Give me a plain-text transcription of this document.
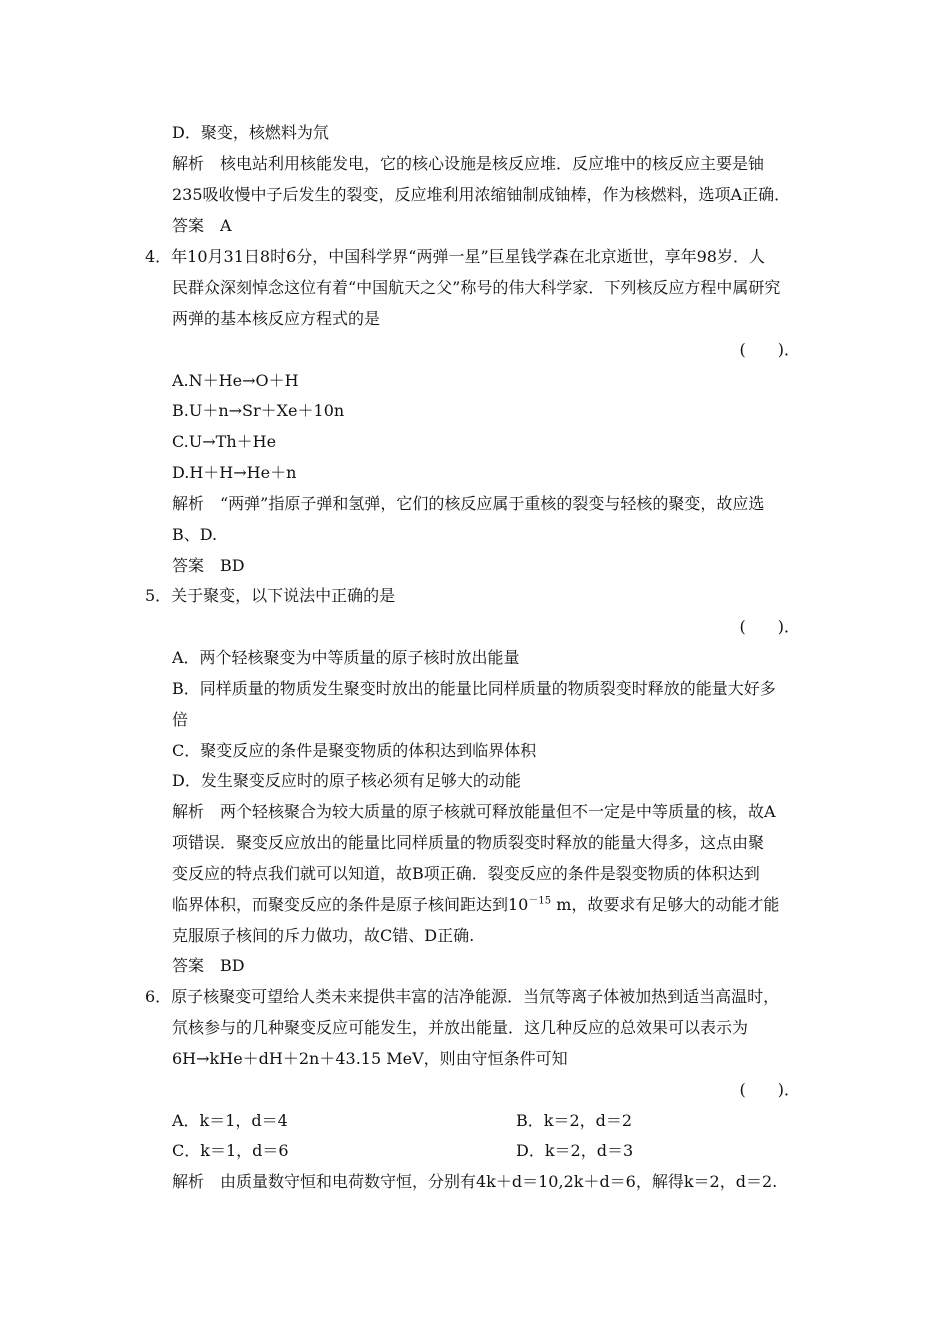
D．聚变，核燃料为氘
解析　核电站利用核能发电，它的核心设施是核反应堆．反应堆中的核反应主要是铀
235吸收慢中子后发生的裂变，反应堆利用浓缩铀制成铀棒，作为核燃料，选项A正确．
答案　A
4．年10月31日8时6分，中国科学界“两弹一星”巨星钱学森在北京逝世，享年98岁．人
民群众深刻悼念这位有着“中国航天之父”称号的伟大科学家．下列核反应方程中属研究
两弹的基本核反应方程式的是
(　　)．
A.N＋He→O＋H
B.U＋n→Sr＋Xe＋10n
C.U→Th＋He
D.H＋H→He＋n
解析　“两弹”指原子弹和氢弹，它们的核反应属于重核的裂变与轻核的聚变，故应选
B、D.
答案　BD
5．关于聚变，以下说法中正确的是
(　　)．
A．两个轻核聚变为中等质量的原子核时放出能量
B．同样质量的物质发生聚变时放出的能量比同样质量的物质裂变时释放的能量大好多
倍
C．聚变反应的条件是聚变物质的体积达到临界体积
D．发生聚变反应时的原子核必须有足够大的动能
解析　两个轻核聚合为较大质量的原子核就可释放能量但不一定是中等质量的核，故A
项错误．聚变反应放出的能量比同样质量的物质裂变时释放的能量大得多，这点由聚
变反应的特点我们就可以知道，故B项正确．裂变反应的条件是裂变物质的体积达到
临界体积，而聚变反应的条件是原子核间距达到$10^{-15}$ m，故要求有足够大的动能才能
克服原子核间的斥力做功，故C错、D正确.
答案　BD
6．原子核聚变可望给人类未来提供丰富的洁净能源．当氘等离子体被加热到适当高温时，
氘核参与的几种聚变反应可能发生，并放出能量．这几种反应的总效果可以表示为
6H→kHe＋dH＋2n＋43.15 MeV，则由守恒条件可知
(　　)．
A．k＝1，d＝4	B．k＝2，d＝2
C．k＝1，d＝6	D．k＝2，d＝3
解析　由质量数守恒和电荷数守恒，分别有4k＋d＝10,2k＋d＝6，解得k＝2，d＝2.
